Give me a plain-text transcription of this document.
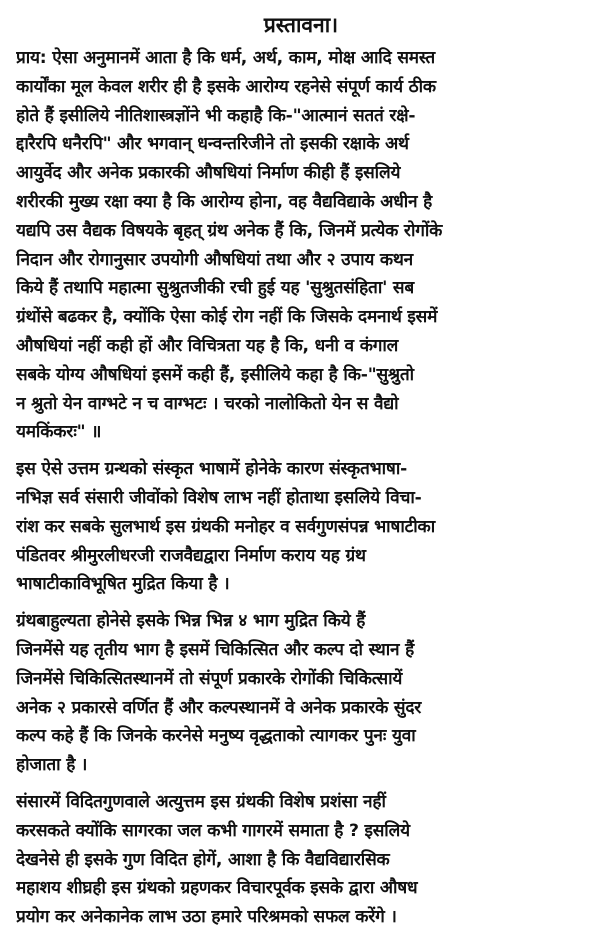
प्रस्तावना।
प्राय: ऐसा अनुमानमें आता है कि धर्म, अर्थ, काम, मोक्ष आदि समस्त
कार्योंका मूल केवल शरीर ही है इसके आरोग्य रहनेसे संपूर्ण कार्य ठीक
होते हैं इसीलिये नीतिशास्त्रज्ञोंने भी कहाहै कि-"आत्मानं सततं रक्षे-
द्दारैरपि धनैरपि" और भगवान् धन्वन्तरिजीने तो इसकी रक्षाके अर्थ
आयुर्वेद और अनेक प्रकारकी औषधियां निर्माण कीही हैं इसलिये
शरीरकी मुख्य रक्षा क्या है कि आरोग्य होना, वह वैद्यविद्याके अधीन है
यद्यपि उस वैद्यक विषयके बृहत् ग्रंथ अनेक हैं कि, जिनमें प्रत्येक रोगोंके
निदान और रोगानुसार उपयोगी औषधियां तथा और २ उपाय कथन
किये हैं तथापि महात्मा सुश्रुतजीकी रची हुई यह 'सुश्रुतसंहिता' सब
ग्रंथोंसे बढकर है, क्योंकि ऐसा कोई रोग नहीं कि जिसके दमनार्थ इसमें
औषधियां नहीं कही हों और विचित्रता यह है कि, धनी व कंगाल
सबके योग्य औषधियां इसमें कही हैं, इसीलिये कहा है कि-"सुश्रुतो
न श्रुतो येन वाग्भटे न च वाग्भटः । चरको नालोकितो येन स वैद्यो
यमकिंकरः" ॥
इस ऐसे उत्तम ग्रन्थको संस्कृत भाषामें होनेके कारण संस्कृतभाषा-
नभिज्ञ सर्व संसारी जीवोंको विशेष लाभ नहीं होताथा इसलिये विचा-
रांश कर सबके सुलभार्थ इस ग्रंथकी मनोहर व सर्वगुणसंपन्न भाषाटीका
पंडितवर श्रीमुरलीधरजी राजवैद्यद्वारा निर्माण कराय यह ग्रंथ
भाषाटीकाविभूषित मुद्रित किया है ।
ग्रंथबाहुल्यता होनेसे इसके भिन्न भिन्न ४ भाग मुद्रित किये हैं
जिनमेंसे यह तृतीय भाग है इसमें चिकित्सित और कल्प दो स्थान हैं
जिनमेंसे चिकित्सितस्थानमें तो संपूर्ण प्रकारके रोगोंकी चिकित्सायें
अनेक २ प्रकारसे वर्णित हैं और कल्पस्थानमें वे अनेक प्रकारके सुंदर
कल्प कहे हैं कि जिनके करनेसे मनुष्य वृद्धताको त्यागकर पुनः युवा
होजाता है ।
संसारमें विदितगुणवाले अत्युत्तम इस ग्रंथकी विशेष प्रशंसा नहीं
करसकते क्योंकि सागरका जल कभी गागरमें समाता है ? इसलिये
देखनेसे ही इसके गुण विदित होगें, आशा है कि वैद्यविद्यारसिक
महाशय शीघ्रही इस ग्रंथको ग्रहणकर विचारपूर्वक इसके द्वारा औषध
प्रयोग कर अनेकानेक लाभ उठा हमारे परिश्रमको सफल करेंगे ।
